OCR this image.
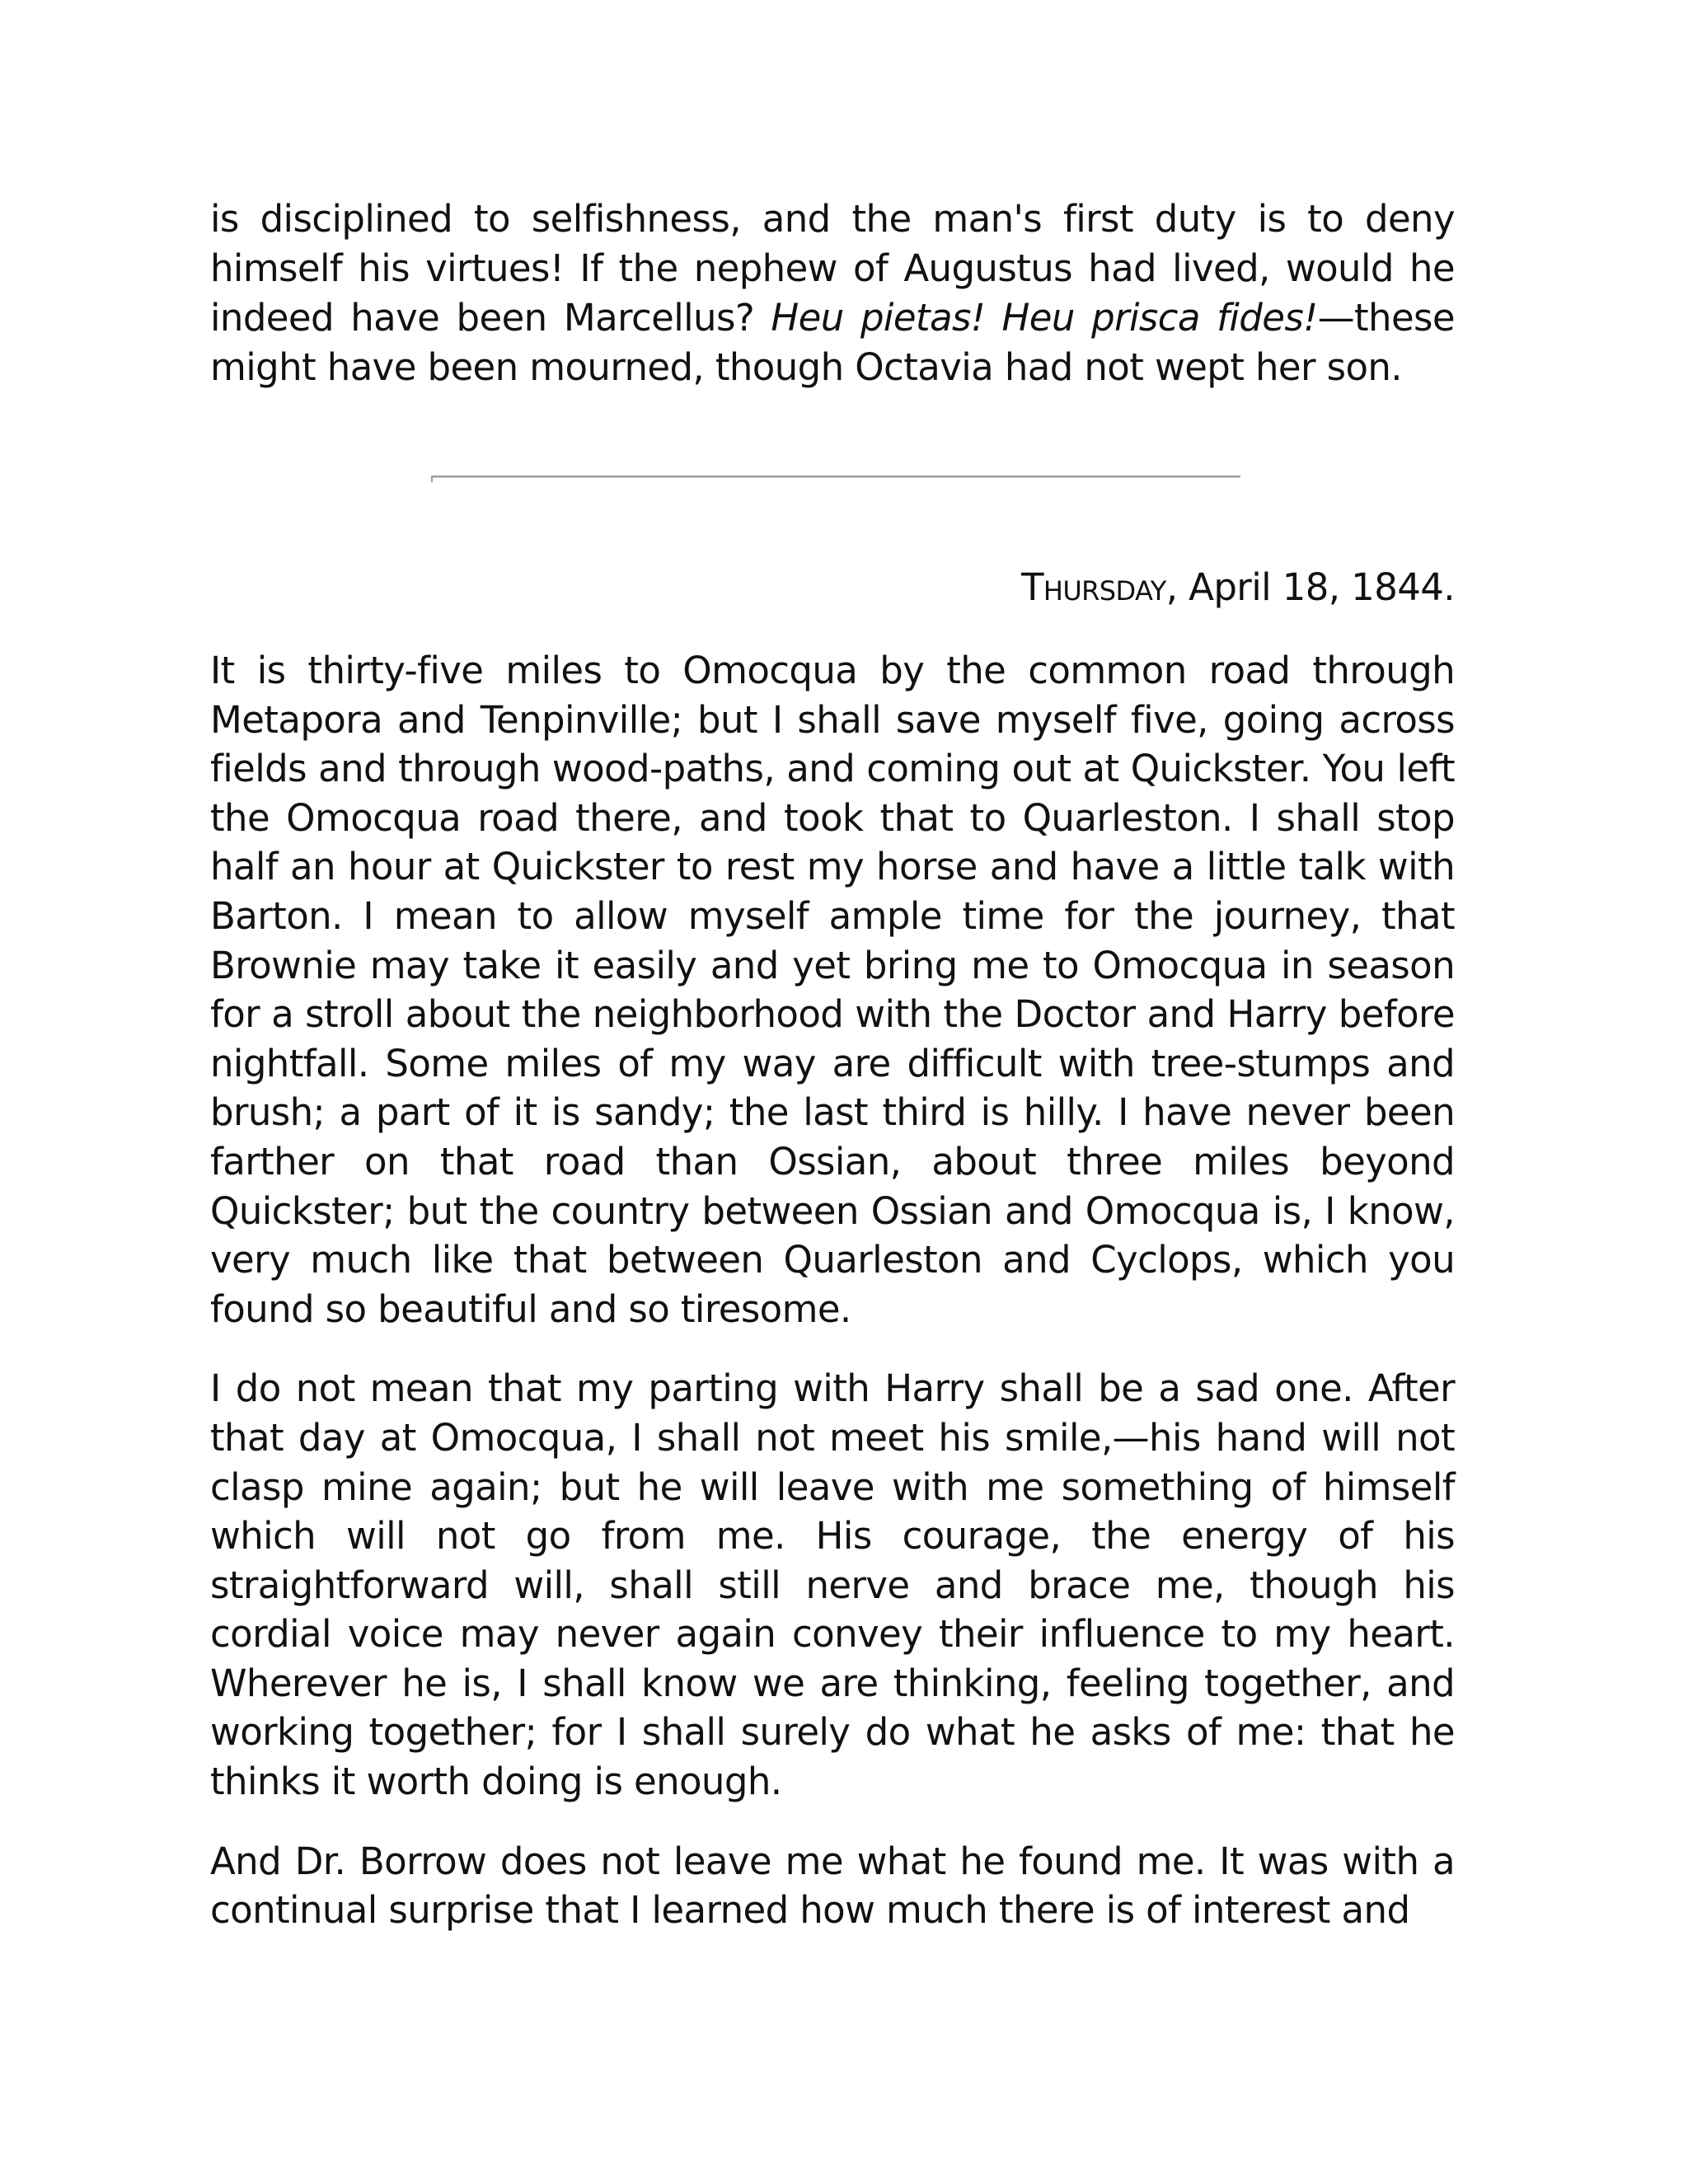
is disciplined to selfishness, and the man's first duty is to deny himself his virtues! If the nephew of Augustus had lived, would he indeed have been Marcellus? Heu pietas! Heu prisca fides!—these might have been mourned, though Octavia had not wept her son.

Thursday, April 18, 1844.

It is thirty-five miles to Omocqua by the common road through Metapora and Tenpinville; but I shall save myself five, going across fields and through wood-paths, and coming out at Quickster. You left the Omocqua road there, and took that to Quarleston. I shall stop half an hour at Quickster to rest my horse and have a little talk with Barton. I mean to allow myself ample time for the journey, that Brownie may take it easily and yet bring me to Omocqua in season for a stroll about the neighborhood with the Doctor and Harry before nightfall. Some miles of my way are difficult with tree-stumps and brush; a part of it is sandy; the last third is hilly. I have never been farther on that road than Ossian, about three miles beyond Quickster; but the country between Ossian and Omocqua is, I know, very much like that between Quarleston and Cyclops, which you found so beautiful and so tiresome.

I do not mean that my parting with Harry shall be a sad one. After that day at Omocqua, I shall not meet his smile,—his hand will not clasp mine again; but he will leave with me something of himself which will not go from me. His courage, the energy of his straightforward will, shall still nerve and brace me, though his cordial voice may never again convey their influence to my heart. Wherever he is, I shall know we are thinking, feeling together, and working together; for I shall surely do what he asks of me: that he thinks it worth doing is enough.

And Dr. Borrow does not leave me what he found me. It was with a continual surprise that I learned how much there is of interest and
